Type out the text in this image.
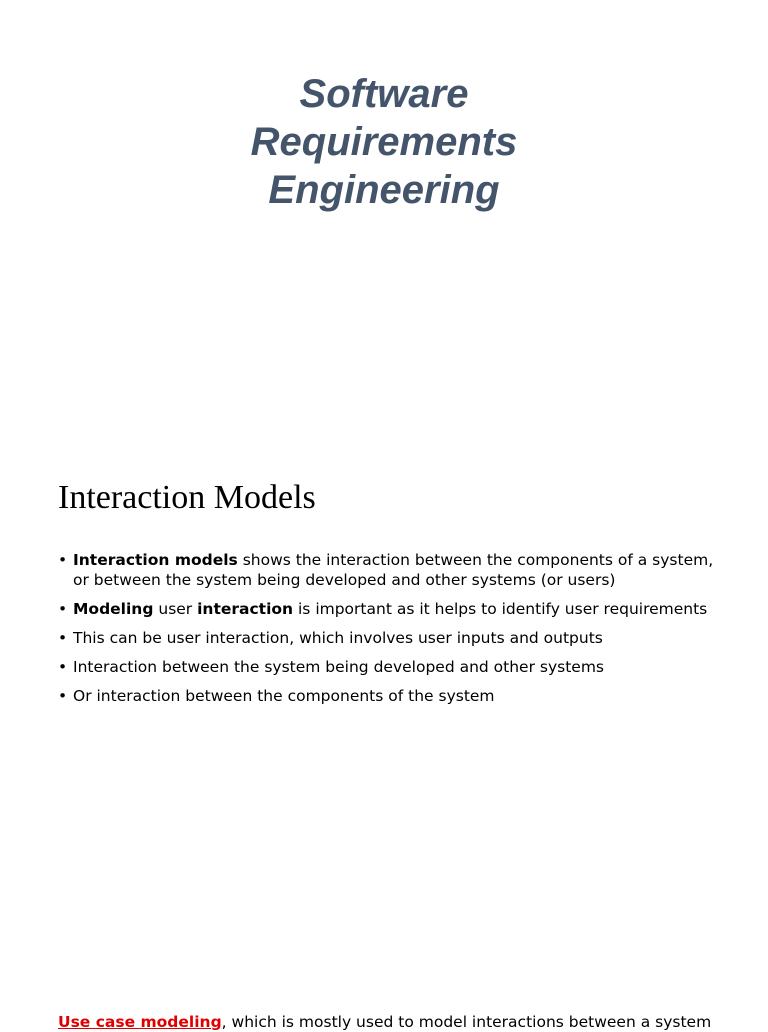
Software
Requirements
Engineering
Interaction Models
• Interaction models shows the interaction between the components of a system, or between the system being developed and other systems (or users)
• Modeling user interaction is important as it helps to identify user requirements
• This can be user interaction, which involves user inputs and outputs
• Interaction between the system being developed and other systems
• Or interaction between the components of the system
Use case modeling, which is mostly used to model interactions between a system
